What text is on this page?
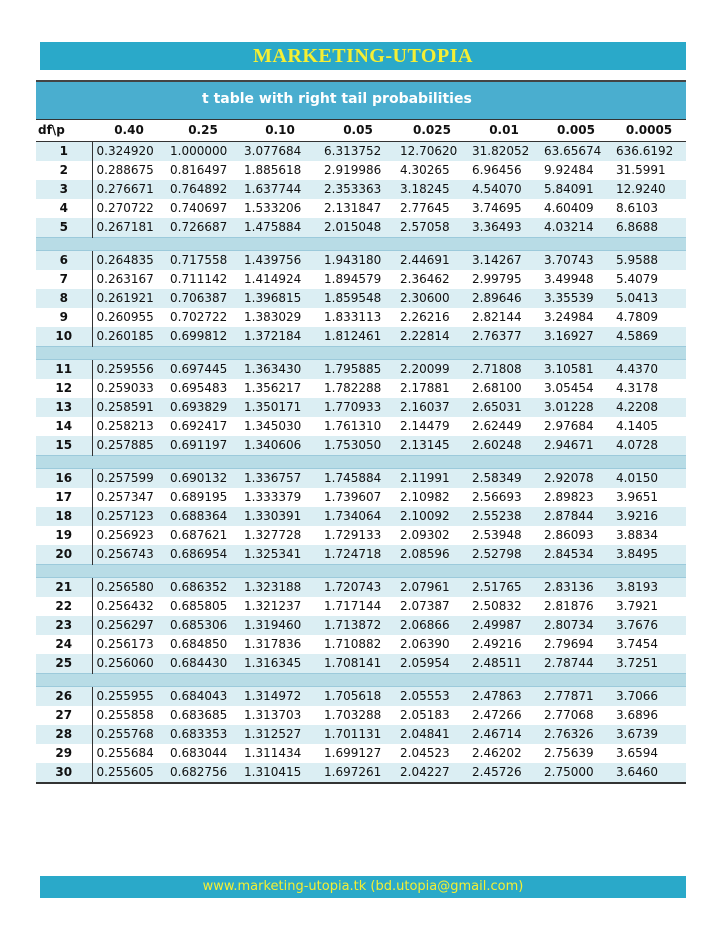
MARKETING-UTOPIA
t table with right tail probabilities
df\p	0.40	0.25	0.10	0.05	0.025	0.01	0.005	0.0005
1	0.324920	1.000000	3.077684	6.313752	12.70620	31.82052	63.65674	636.6192
2	0.288675	0.816497	1.885618	2.919986	4.30265	6.96456	9.92484	31.5991
3	0.276671	0.764892	1.637744	2.353363	3.18245	4.54070	5.84091	12.9240
4	0.270722	0.740697	1.533206	2.131847	2.77645	3.74695	4.60409	8.6103
5	0.267181	0.726687	1.475884	2.015048	2.57058	3.36493	4.03214	6.8688

6	0.264835	0.717558	1.439756	1.943180	2.44691	3.14267	3.70743	5.9588
7	0.263167	0.711142	1.414924	1.894579	2.36462	2.99795	3.49948	5.4079
8	0.261921	0.706387	1.396815	1.859548	2.30600	2.89646	3.35539	5.0413
9	0.260955	0.702722	1.383029	1.833113	2.26216	2.82144	3.24984	4.7809
10	0.260185	0.699812	1.372184	1.812461	2.22814	2.76377	3.16927	4.5869

11	0.259556	0.697445	1.363430	1.795885	2.20099	2.71808	3.10581	4.4370
12	0.259033	0.695483	1.356217	1.782288	2.17881	2.68100	3.05454	4.3178
13	0.258591	0.693829	1.350171	1.770933	2.16037	2.65031	3.01228	4.2208
14	0.258213	0.692417	1.345030	1.761310	2.14479	2.62449	2.97684	4.1405
15	0.257885	0.691197	1.340606	1.753050	2.13145	2.60248	2.94671	4.0728

16	0.257599	0.690132	1.336757	1.745884	2.11991	2.58349	2.92078	4.0150
17	0.257347	0.689195	1.333379	1.739607	2.10982	2.56693	2.89823	3.9651
18	0.257123	0.688364	1.330391	1.734064	2.10092	2.55238	2.87844	3.9216
19	0.256923	0.687621	1.327728	1.729133	2.09302	2.53948	2.86093	3.8834
20	0.256743	0.686954	1.325341	1.724718	2.08596	2.52798	2.84534	3.8495

21	0.256580	0.686352	1.323188	1.720743	2.07961	2.51765	2.83136	3.8193
22	0.256432	0.685805	1.321237	1.717144	2.07387	2.50832	2.81876	3.7921
23	0.256297	0.685306	1.319460	1.713872	2.06866	2.49987	2.80734	3.7676
24	0.256173	0.684850	1.317836	1.710882	2.06390	2.49216	2.79694	3.7454
25	0.256060	0.684430	1.316345	1.708141	2.05954	2.48511	2.78744	3.7251

26	0.255955	0.684043	1.314972	1.705618	2.05553	2.47863	2.77871	3.7066
27	0.255858	0.683685	1.313703	1.703288	2.05183	2.47266	2.77068	3.6896
28	0.255768	0.683353	1.312527	1.701131	2.04841	2.46714	2.76326	3.6739
29	0.255684	0.683044	1.311434	1.699127	2.04523	2.46202	2.75639	3.6594
30	0.255605	0.682756	1.310415	1.697261	2.04227	2.45726	2.75000	3.6460
www.marketing-utopia.tk (bd.utopia@gmail.com)
